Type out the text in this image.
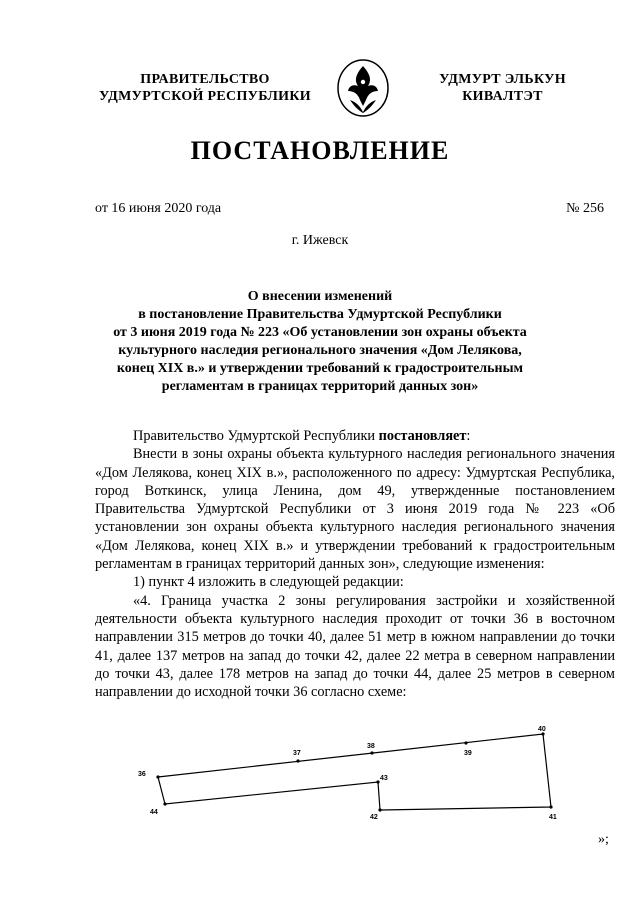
ПРАВИТЕЛЬСТВО
УДМУРТСКОЙ РЕСПУБЛИКИ
УДМУРТ ЭЛЬКУН
КИВАЛТЭТ
ПОСТАНОВЛЕНИЕ
от 16 июня 2020 года	№ 256
г. Ижевск
О внесении изменений
в постановление Правительства Удмуртской Республики
от 3 июня 2019 года № 223 «Об установлении зон охраны объекта
культурного наследия регионального значения «Дом Лелякова,
конец XIX в.» и утверждении требований к градостроительным
регламентам в границах территорий данных зон»

Правительство Удмуртской Республики постановляет:

Внести в зоны охраны объекта культурного наследия регионального значения «Дом Лелякова, конец XIX в.», расположенного по адресу: Удмуртская Республика, город Воткинск, улица Ленина, дом 49, утвержденные постановлением Правительства Удмуртской Республики от 3 июня 2019 года № 223 «Об установлении зон охраны объекта культурного наследия регионального значения «Дом Лелякова, конец XIX в.» и утверждении требований к градостроительным регламентам в границах территорий данных зон», следующие изменения:

1) пункт 4 изложить в следующей редакции:

«4. Граница участка 2 зоны регулирования застройки и хозяйственной деятельности объекта культурного наследия проходит от точки 36 в восточном направлении 315 метров до точки 40, далее 51 метр в южном направлении до точки 41, далее 137 метров на запад до точки 42, далее 22 метра в северном направлении до точки 43, далее 178 метров на запад до точки 44, далее 25 метров в северном направлении до исходной точки 36 согласно схеме:

36
37
38
39
40
41
42
43
44
»;
